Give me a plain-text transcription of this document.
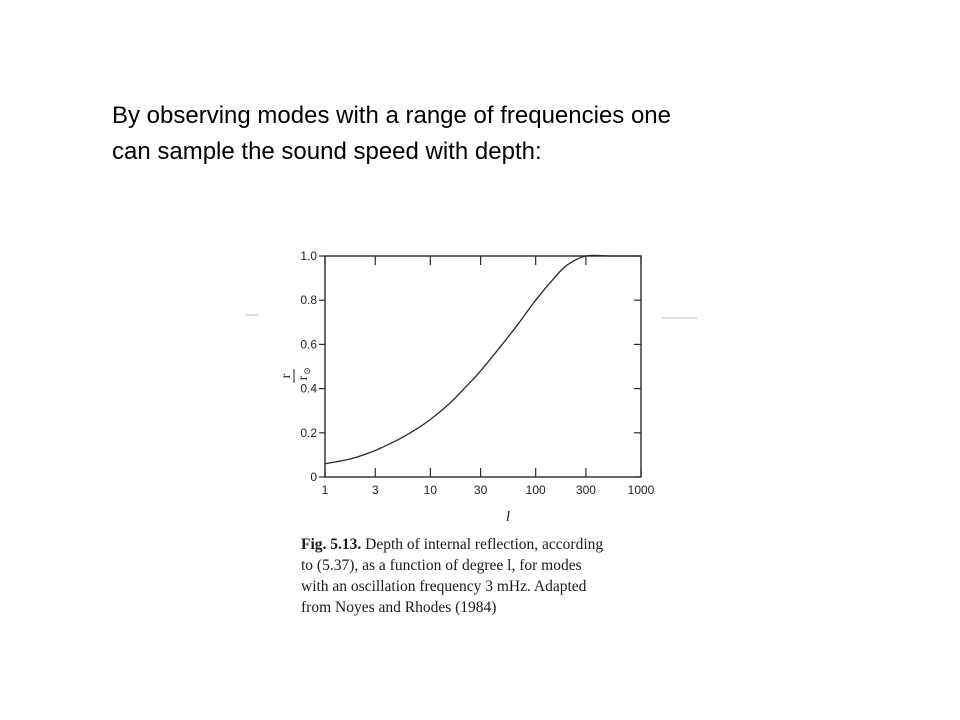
By observing modes with a range of frequencies one
can sample the sound speed with depth:
1	3	10	30	100	300	1000
0
0.2
0.4
0.6
0.8
1.0
l
r r
⊙
Fig. 5.13. Depth of internal reflection, according
to (5.37), as a function of degree l, for modes
with an oscillation frequency 3 mHz. Adapted
from Noyes and Rhodes (1984)
